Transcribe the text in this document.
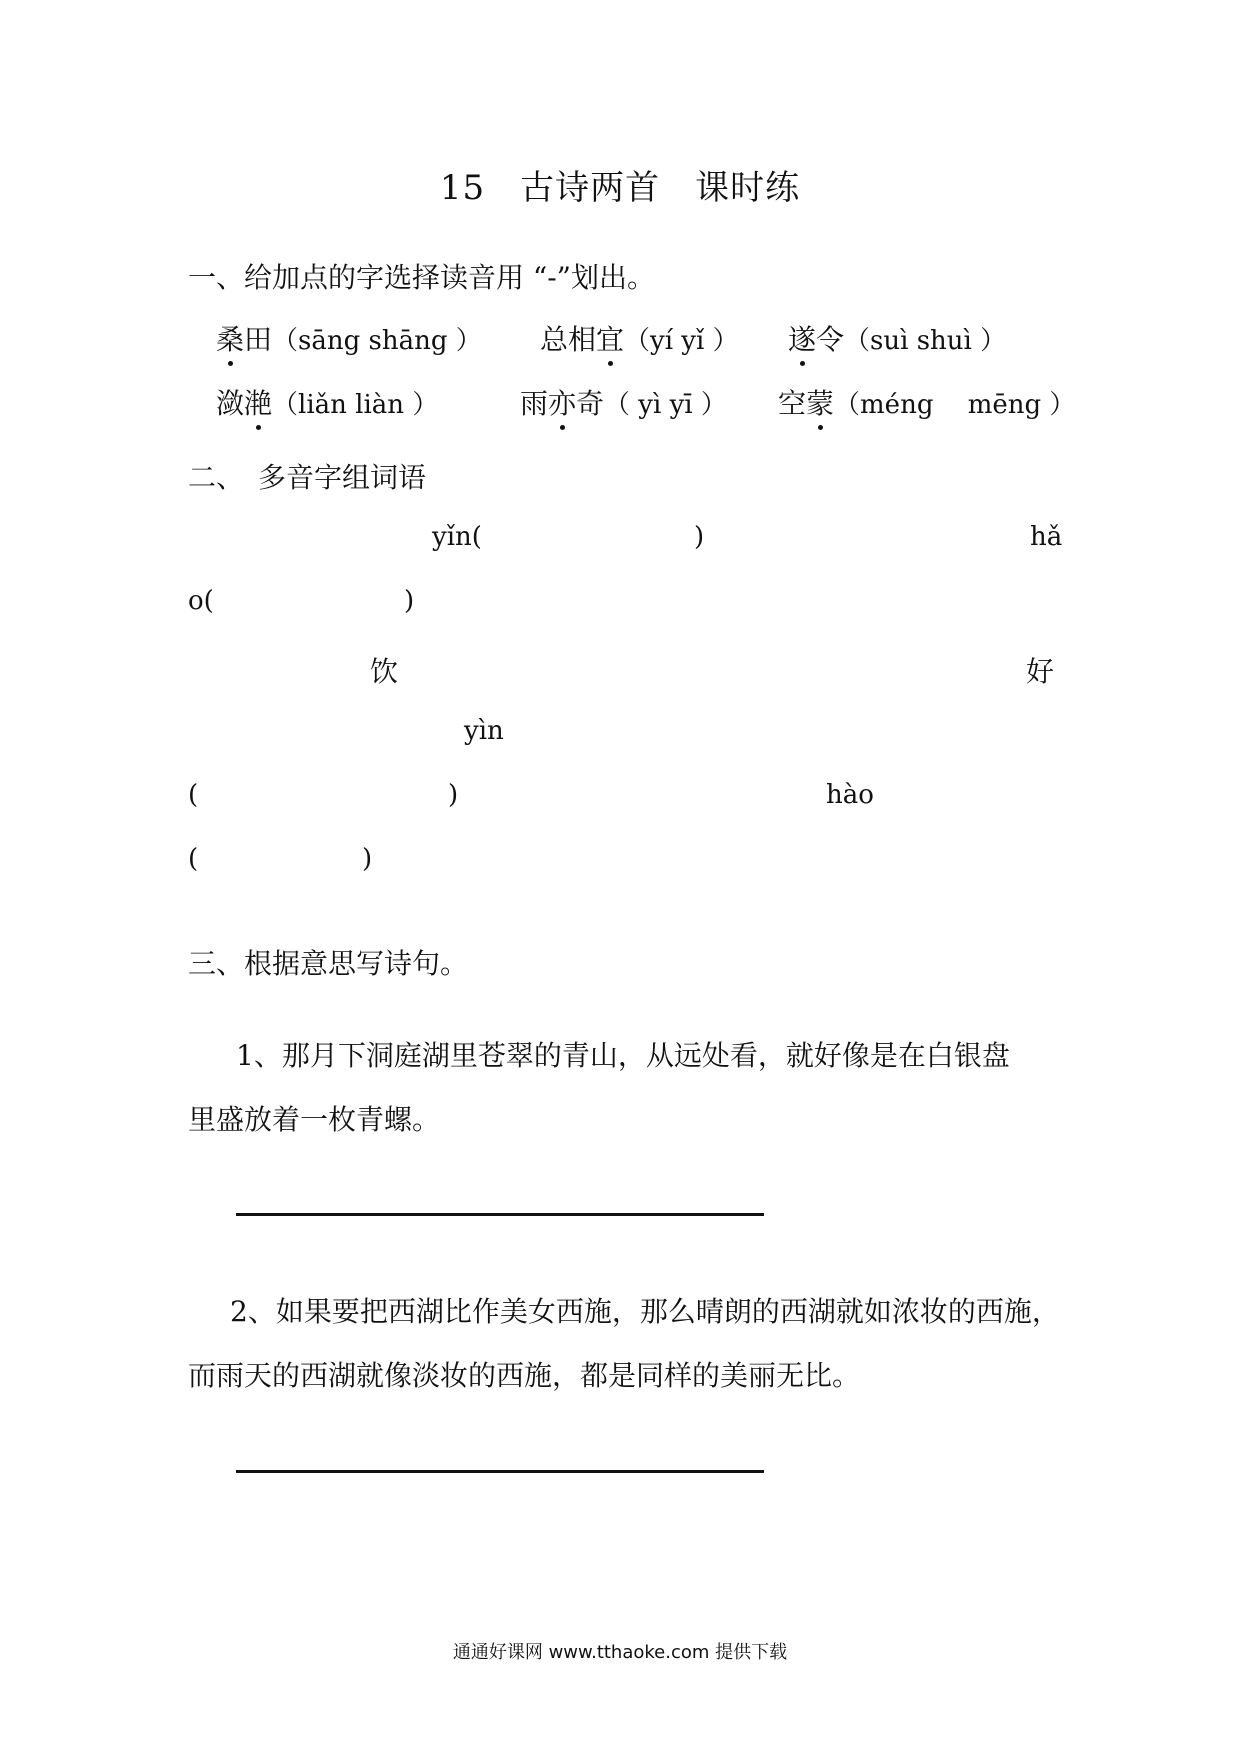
15　古诗两首　课时练
一、给加点的字选择读音用 “-”划出。
桑田（sāng shāng ） 总相宜（yí yǐ ） 遂令（suì shuì ）
潋滟（liǎn liàn ）	雨亦奇（ yì yī ） 空蒙（méng　 mēng ）
二、　多音字组词语
yǐn(	)	hǎ
o(	)
饮	好
yìn
(	)	hào
(	)
三、根据意思写诗句。
1、那月下洞庭湖里苍翠的青山，从远处看，就好像是在白银盘
里盛放着一枚青螺。
2、如果要把西湖比作美女西施，那么晴朗的西湖就如浓妆的西施，
而雨天的西湖就像淡妆的西施，都是同样的美丽无比。
通通好课网 www.tthaoke.com 提供下载
